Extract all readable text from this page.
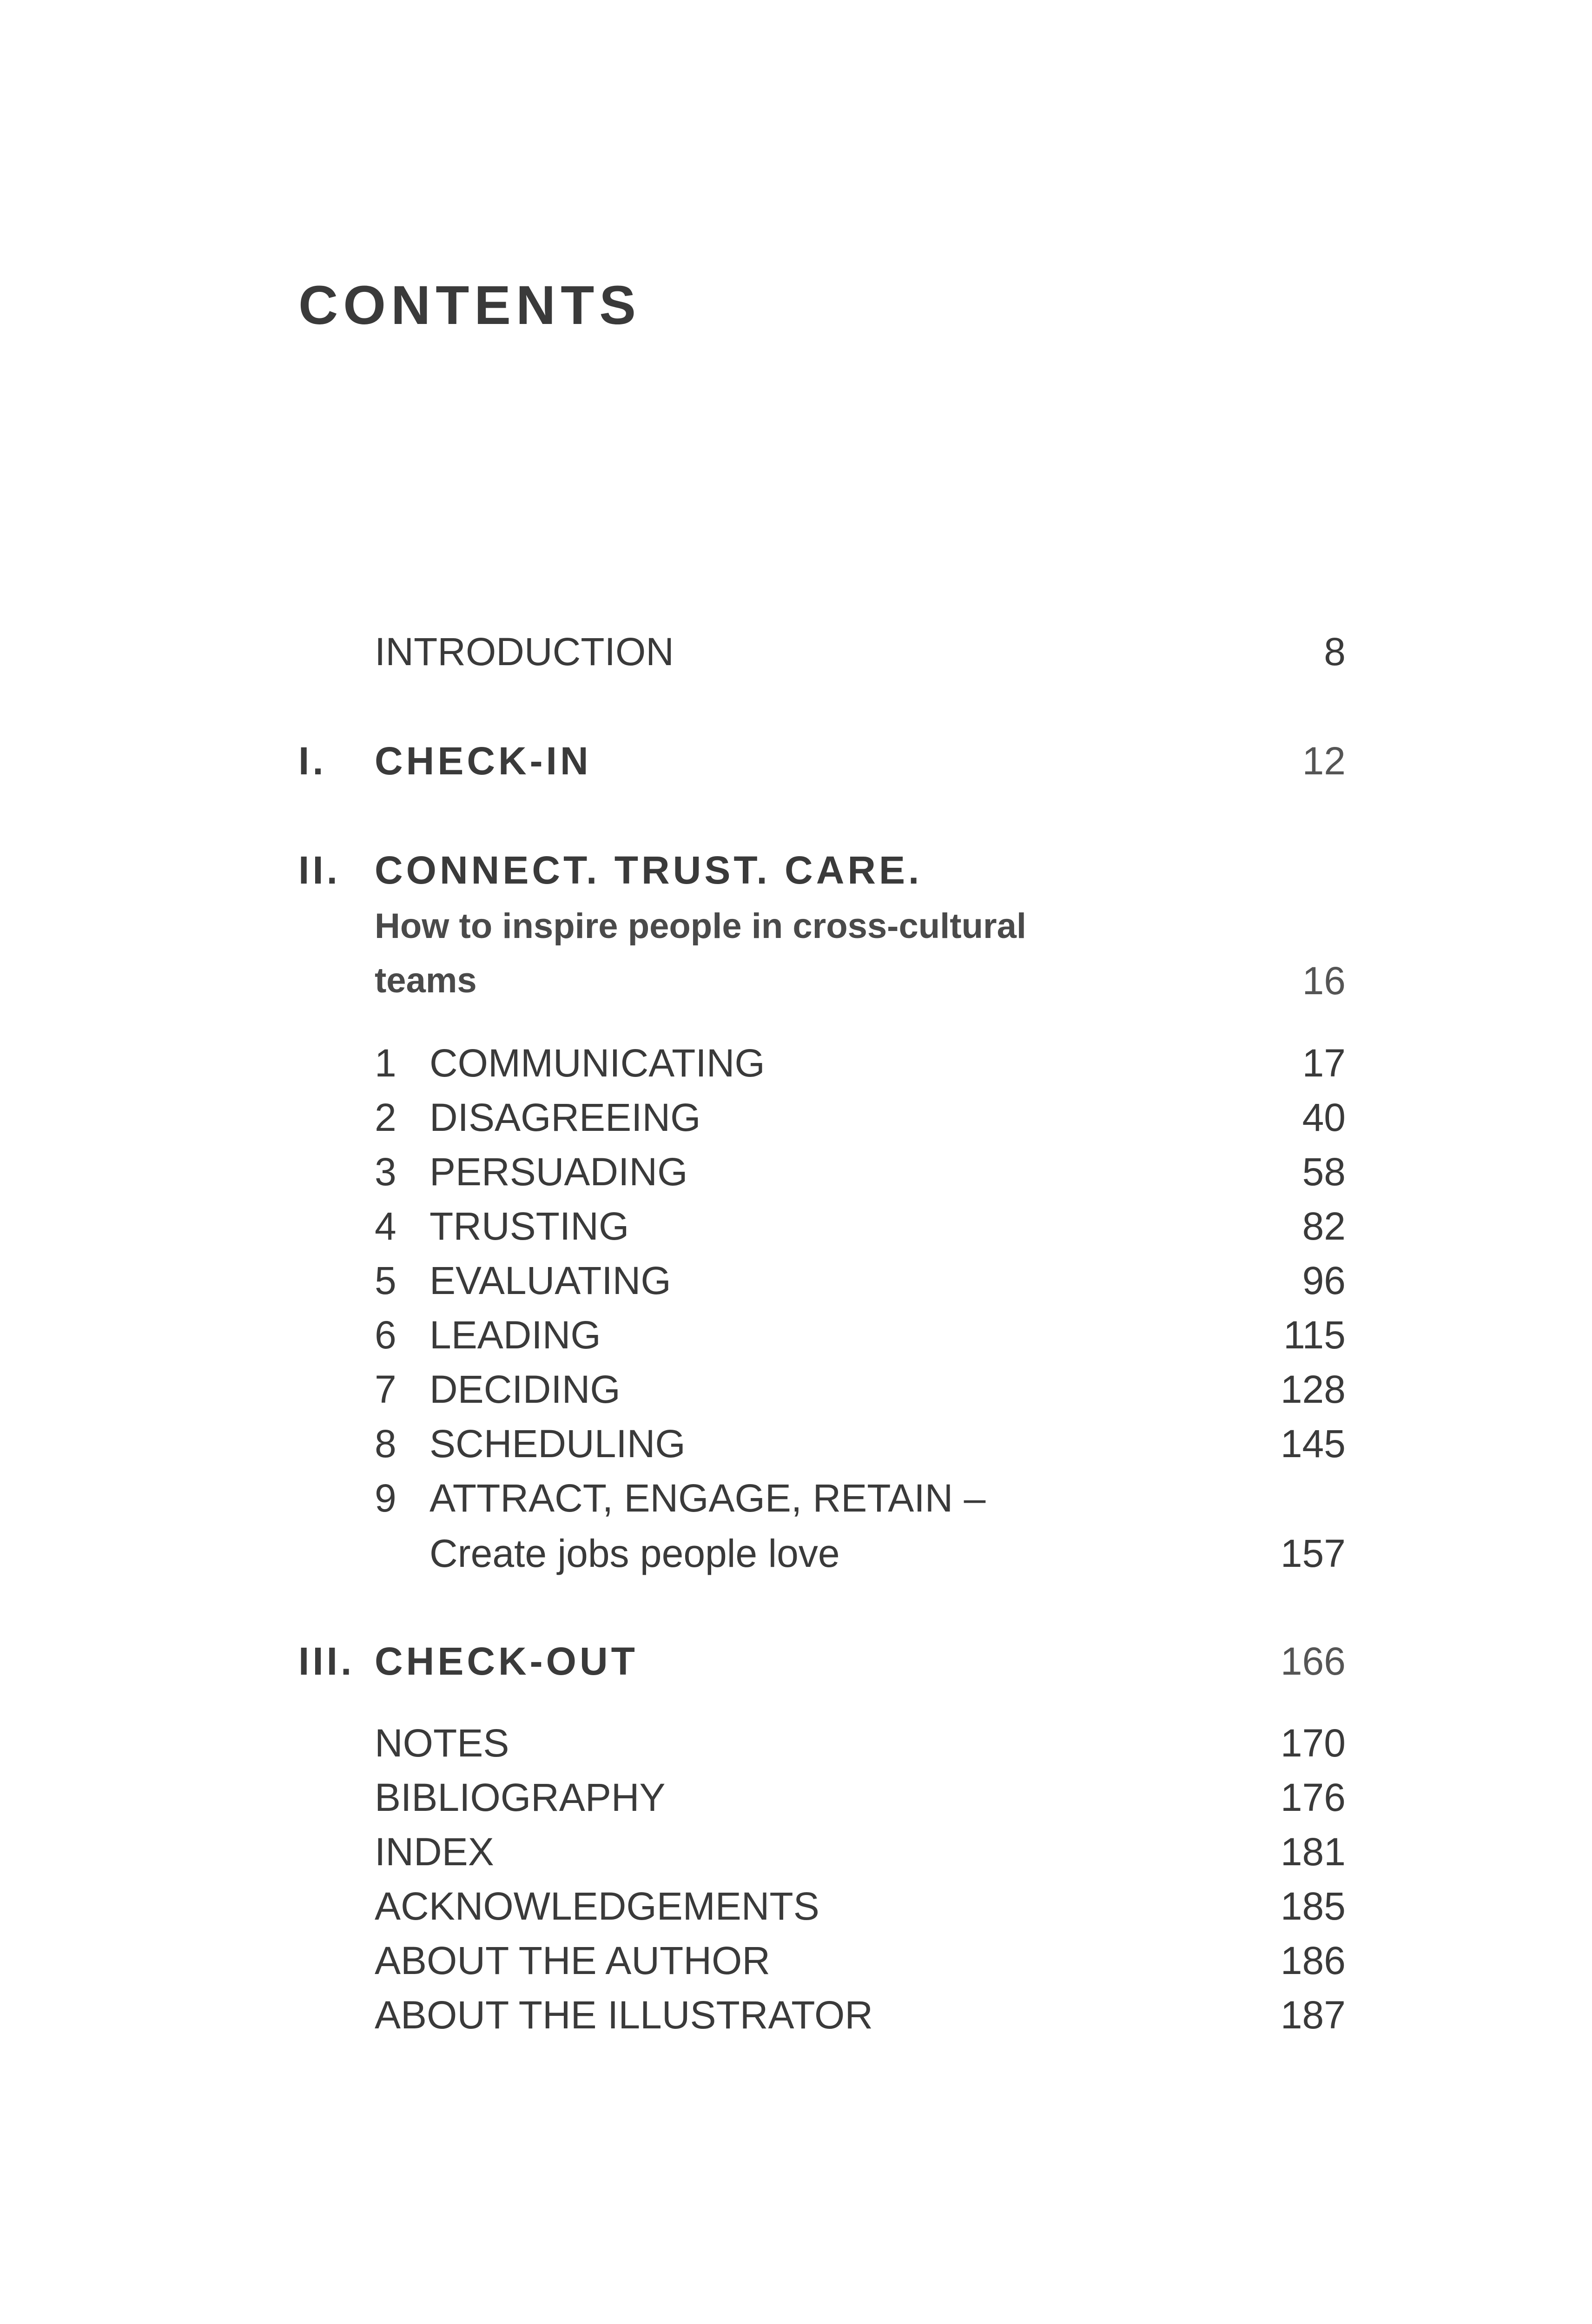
CONTENTS
INTRODUCTION	8
I. CHECK-IN	12
II. CONNECT. TRUST. CARE.
How to inspire people in cross-cultural
teams	16
1 COMMUNICATING	17
2 DISAGREEING	40
3 PERSUADING	58
4 TRUSTING	82
5 EVALUATING	96
6 LEADING	115
7 DECIDING	128
8 SCHEDULING	145
9 ATTRACT, ENGAGE, RETAIN –
Create jobs people love	157
III. CHECK-OUT	166
NOTES	170
BIBLIOGRAPHY	176
INDEX	181
ACKNOWLEDGEMENTS	185
ABOUT THE AUTHOR	186
ABOUT THE ILLUSTRATOR	187
